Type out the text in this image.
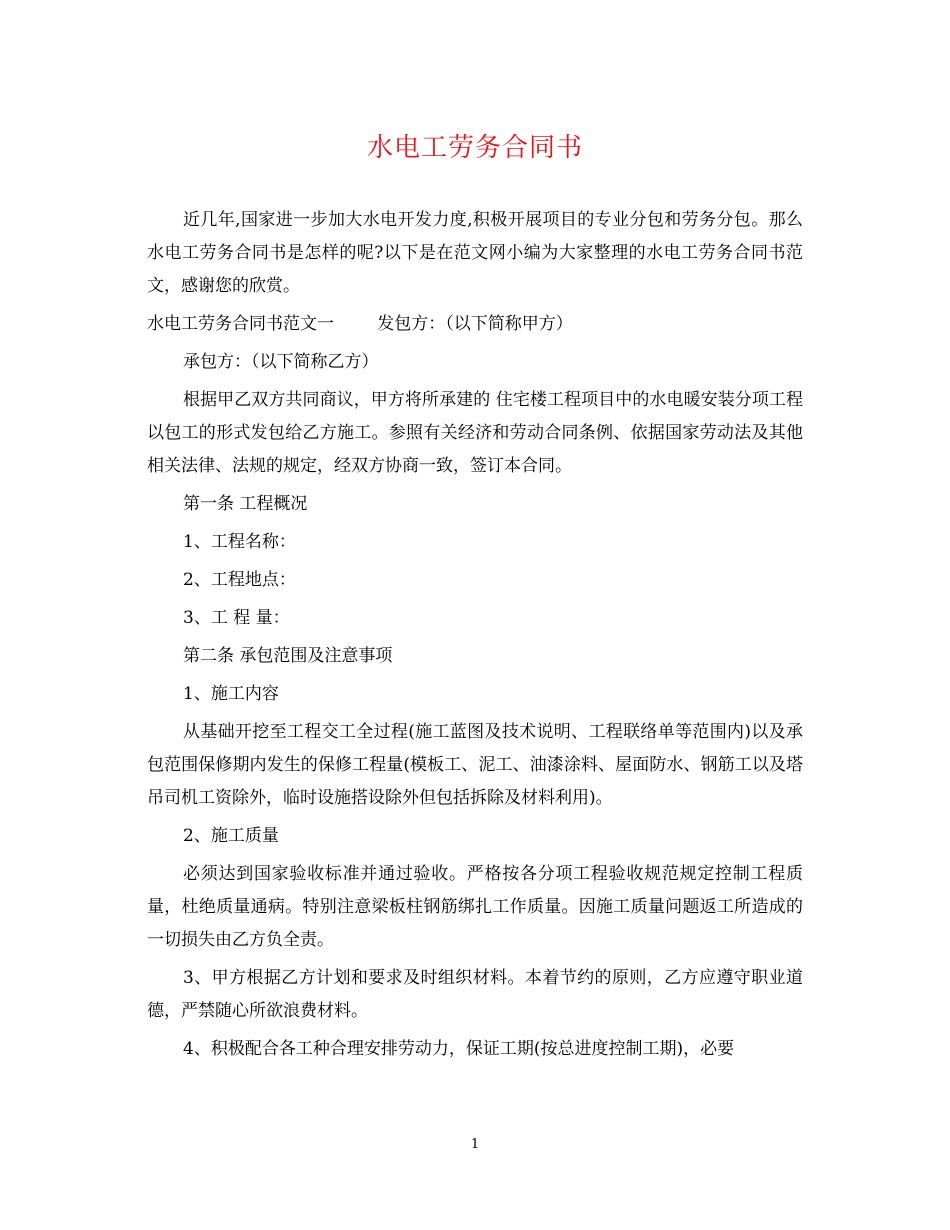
水电工劳务合同书

近几年,国家进一步加大水电开发力度,积极开展项目的专业分包和劳务分包。那么水电工劳务合同书是怎样的呢?以下是在范文网小编为大家整理的水电工劳务合同书范文，感谢您的欣赏。

水电工劳务合同书范文一        发包方：（以下简称甲方）

承包方：（以下简称乙方）

根据甲乙双方共同商议，甲方将所承建的 住宅楼工程项目中的水电暖安装分项工程以包工的形式发包给乙方施工。参照有关经济和劳动合同条例、依据国家劳动法及其他相关法律、法规的规定，经双方协商一致，签订本合同。

第一条 工程概况

1、工程名称：

2、工程地点：

3、工 程 量：

第二条 承包范围及注意事项

1、施工内容

从基础开挖至工程交工全过程(施工蓝图及技术说明、工程联络单等范围内)以及承包范围保修期内发生的保修工程量(模板工、泥工、油漆涂料、屋面防水、钢筋工以及塔吊司机工资除外，临时设施搭设除外但包括拆除及材料利用)。

2、施工质量

必须达到国家验收标准并通过验收。严格按各分项工程验收规范规定控制工程质量，杜绝质量通病。特别注意梁板柱钢筋绑扎工作质量。因施工质量问题返工所造成的一切损失由乙方负全责。

3、甲方根据乙方计划和要求及时组织材料。本着节约的原则，乙方应遵守职业道德，严禁随心所欲浪费材料。

4、积极配合各工种合理安排劳动力，保证工期(按总进度控制工期)，必要

1
